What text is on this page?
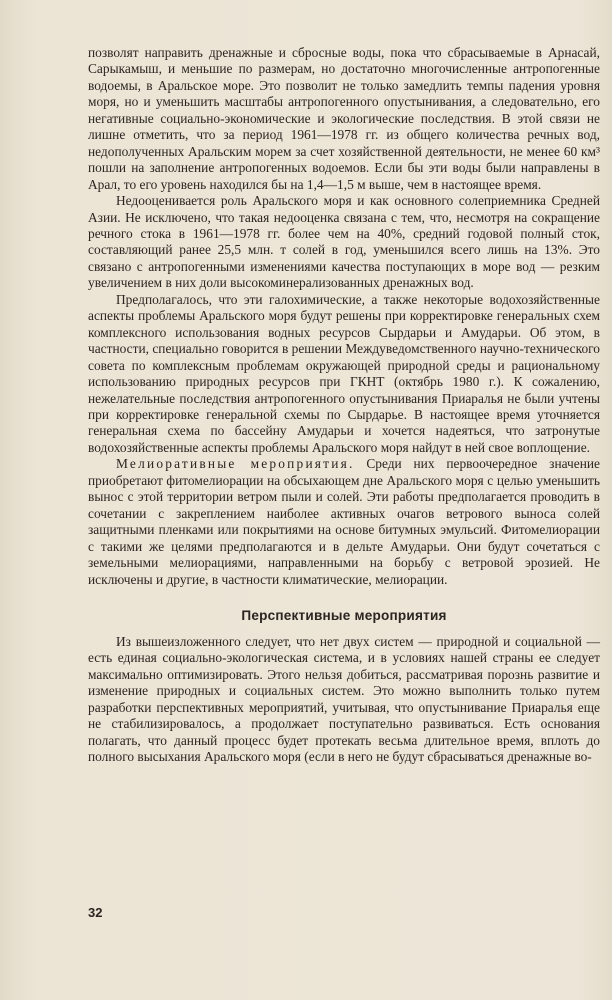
позволят направить дренажные и сбросные воды, пока что сбрасываемые в Арнасай, Сарыкамыш, и меньшие по размерам, но достаточно многочисленные антропогенные водоемы, в Аральское море. Это позволит не только замедлить темпы падения уровня моря, но и уменьшить масштабы антропогенного опустынивания, а следовательно, его негативные социально-экономические и экологические последствия. В этой связи не лишне отметить, что за период 1961—1978 гг. из общего количества речных вод, недополученных Аральским морем за счет хозяйственной деятельности, не менее 60 км³ пошли на заполнение антропогенных водоемов. Если бы эти воды были направлены в Арал, то его уровень находился бы на 1,4—1,5 м выше, чем в настоящее время.

Недооценивается роль Аральского моря и как основного солеприемника Средней Азии. Не исключено, что такая недооценка связана с тем, что, несмотря на сокращение речного стока в 1961—1978 гг. более чем на 40%, средний годовой полный сток, составляющий ранее 25,5 млн. т солей в год, уменьшился всего лишь на 13%. Это связано с антропогенными изменениями качества поступающих в море вод — резким увеличением в них доли высокоминерализованных дренажных вод.

Предполагалось, что эти галохимические, а также некоторые водохозяйственные аспекты проблемы Аральского моря будут решены при корректировке генеральных схем комплексного использования водных ресурсов Сырдарьи и Амударьи. Об этом, в частности, специально говорится в решении Междуведомственного научно-технического совета по комплексным проблемам окружающей природной среды и рациональному использованию природных ресурсов при ГКНТ (октябрь 1980 г.). К сожалению, нежелательные последствия антропогенного опустынивания Приаралья не были учтены при корректировке генеральной схемы по Сырдарье. В настоящее время уточняется генеральная схема по бассейну Амударьи и хочется надеяться, что затронутые водохозяйственные аспекты проблемы Аральского моря найдут в ней свое воплощение.

Мелиоративные мероприятия. Среди них первоочередное значение приобретают фитомелиорации на обсыхающем дне Аральского моря с целью уменьшить вынос с этой территории ветром пыли и солей. Эти работы предполагается проводить в сочетании с закреплением наиболее активных очагов ветрового выноса солей защитными пленками или покрытиями на основе битумных эмульсий. Фитомелиорации с такими же целями предполагаются и в дельте Амударьи. Они будут сочетаться с земельными мелиорациями, направленными на борьбу с ветровой эрозией. Не исключены и другие, в частности климатические, мелиорации.

Перспективные мероприятия

Из вышеизложенного следует, что нет двух систем — природной и социальной — есть единая социально-экологическая система, и в условиях нашей страны ее следует максимально оптимизировать. Этого нельзя добиться, рассматривая порознь развитие и изменение природных и социальных систем. Это можно выполнить только путем разработки перспективных мероприятий, учитывая, что опустынивание Приаралья еще не стабилизировалось, а продолжает поступательно развиваться. Есть основания полагать, что данный процесс будет протекать весьма длительное время, вплоть до полного высыхания Аральского моря (если в него не будут сбрасываться дренажные во-

32
